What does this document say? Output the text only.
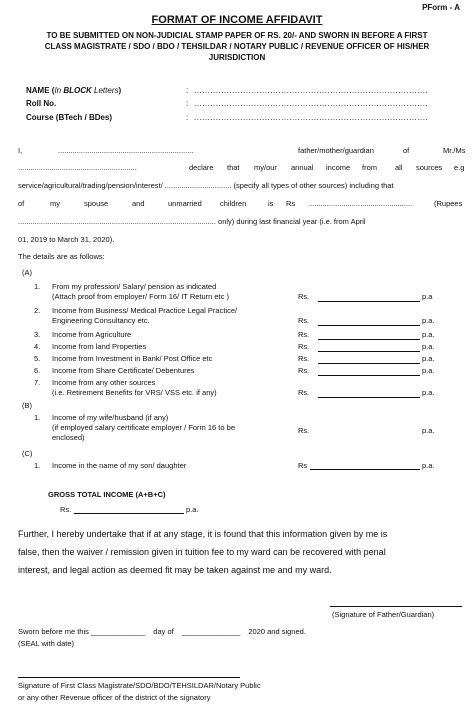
PForm - A
FORMAT OF INCOME AFFIDAVIT
TO BE SUBMITTED ON NON-JUDICIAL STAMP PAPER OF RS. 20/- AND SWORN IN BEFORE A FIRST
CLASS MAGISTRATE / SDO / BDO / TEHSILDAR / NOTARY PUBLIC / REVENUE OFFICER OF HIS/HER
JURISDICTION
NAME (In BLOCK Letters)	: ......................................................................................
Roll No.	: ......................................................................................
Course (BTech / BDes)	: ......................................................................................
I,	.................................................................	father/mother/guardian	of	Mr./Ms
.........................................................	declare that my/our annual income from all sources e.g
service/agricultural/trading/pension/interest/ ................................ (specify all types of other sources) including that
of	my	spouse	and	unmarried children	is Rs ..................................................	(Rupees
............................................................................................... only) during last financial year (i.e. from April
01, 2019 to March 31, 2020).
The details are as follows:
(A)
1. From my profession/ Salary/ pension as indicated
(Attach proof from employer/ Form 16/ IT Return etc )	Rs.	p.a
2. Income from Business/ Medical Practice Legal Practice/
Engineering Consultancy etc.	Rs.	p.a.
3. Income from Agriculture	Rs.	p.a.
4. Income from land Properties	Rs.	p.a.
5. Income from Investment in Bank/ Post Office etc	Rs.	p.a.
6. Income from Share Certificate/ Debentures	Rs.	p.a.
7. Income from any other sources
(i.e. Retirement Benefits for VRS/ VSS etc. if any)	Rs.	p.a.
(B)
1. Income of my wife/husband (if any)
(if employed salary certificate employer / Form 16 to be
enclosed)
Rs.	p.a.
(C)
1. Income in the name of my son/ daughter	Rs	p.a.
GROSS TOTAL INCOME (A+B+C)
Rs.	p.a.
Further, I hereby undertake that if at any stage, it is found that this information given by me is
false, then the waiver / remission given in tuition fee to my ward can be recovered with penal
interest, and legal action as deemed fit may be taken against me and my ward.
(Signature of Father/Guardian)
Sworn before me this _____________ day of ______________ 2020 and signed.
(SEAL with date)
Signature of First Class Magistrate/SDO/BDO/TEHSILDAR/Notary Public
or any other Revenue officer of the district of the signatory
